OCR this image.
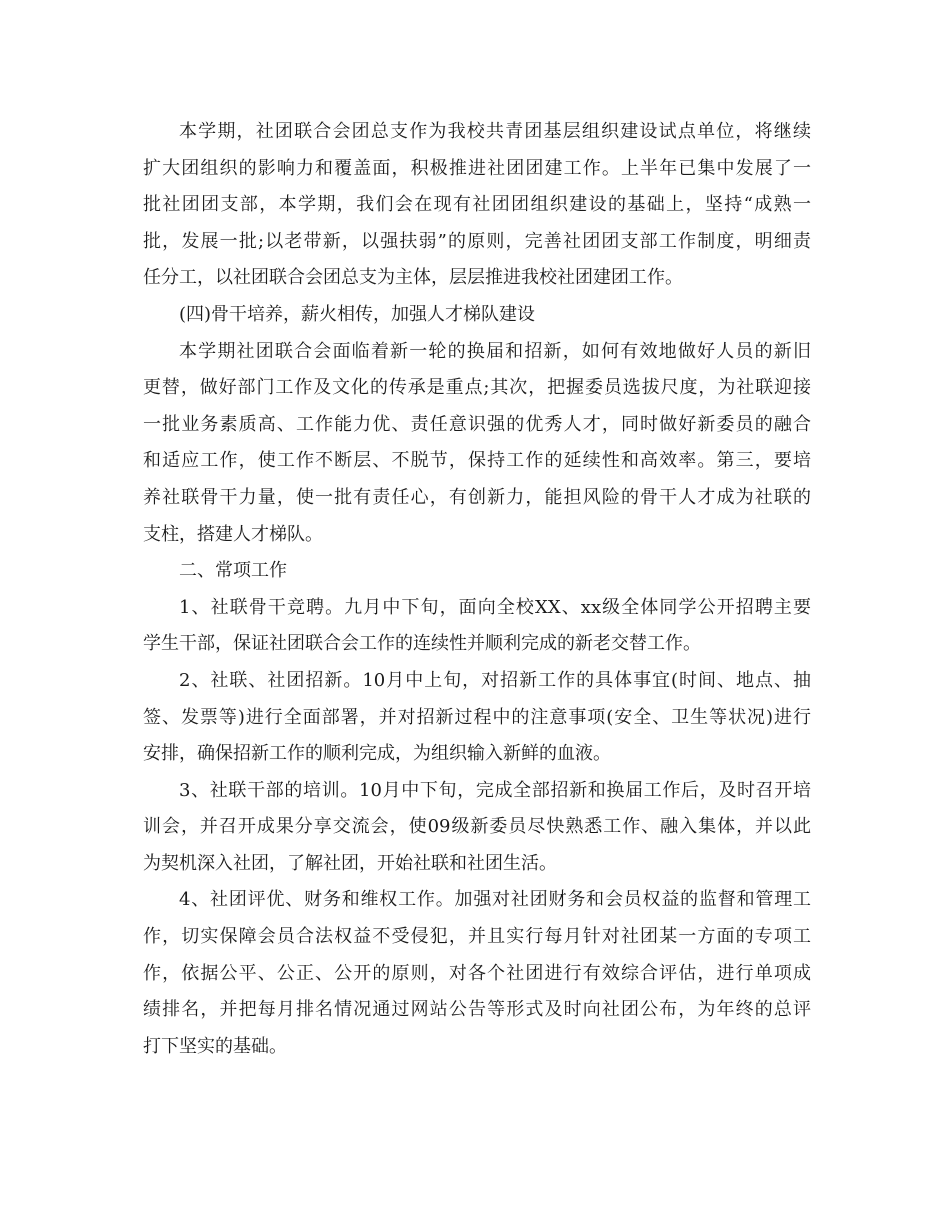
本学期，社团联合会团总支作为我校共青团基层组织建设试点单位，将继续
扩大团组织的影响力和覆盖面，积极推进社团团建工作。上半年已集中发展了一
批社团团支部，本学期，我们会在现有社团团组织建设的基础上，坚持“成熟一
批，发展一批;以老带新，以强扶弱”的原则，完善社团团支部工作制度，明细责
任分工，以社团联合会团总支为主体，层层推进我校社团建团工作。
(四)骨干培养，薪火相传，加强人才梯队建设
本学期社团联合会面临着新一轮的换届和招新，如何有效地做好人员的新旧
更替，做好部门工作及文化的传承是重点;其次，把握委员选拔尺度，为社联迎接
一批业务素质高、工作能力优、责任意识强的优秀人才，同时做好新委员的融合
和适应工作，使工作不断层、不脱节，保持工作的延续性和高效率。第三，要培
养社联骨干力量，使一批有责任心，有创新力，能担风险的骨干人才成为社联的
支柱，搭建人才梯队。
二、常项工作
1、社联骨干竞聘。九月中下旬，面向全校XX、xx级全体同学公开招聘主要
学生干部，保证社团联合会工作的连续性并顺利完成的新老交替工作。
2、社联、社团招新。10月中上旬，对招新工作的具体事宜(时间、地点、抽
签、发票等)进行全面部署，并对招新过程中的注意事项(安全、卫生等状况)进行
安排，确保招新工作的顺利完成，为组织输入新鲜的血液。
3、社联干部的培训。10月中下旬，完成全部招新和换届工作后，及时召开培
训会，并召开成果分享交流会，使09级新委员尽快熟悉工作、融入集体，并以此
为契机深入社团，了解社团，开始社联和社团生活。
4、社团评优、财务和维权工作。加强对社团财务和会员权益的监督和管理工
作，切实保障会员合法权益不受侵犯，并且实行每月针对社团某一方面的专项工
作，依据公平、公正、公开的原则，对各个社团进行有效综合评估，进行单项成
绩排名，并把每月排名情况通过网站公告等形式及时向社团公布，为年终的总评
打下坚实的基础。
